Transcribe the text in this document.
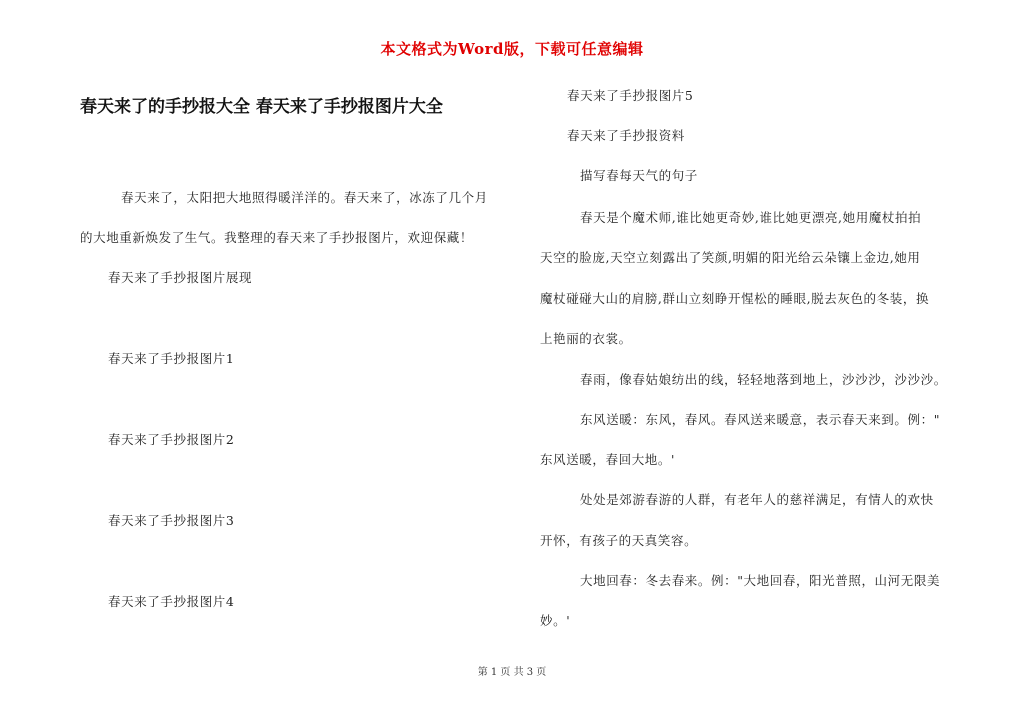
本文格式为Word版，下载可任意编辑
春天来了的手抄报大全 春天来了手抄报图片大全
春天来了，太阳把大地照得暖洋洋的。春天来了，冰冻了几个月
的大地重新焕发了生气。我整理的春天来了手抄报图片，欢迎保藏！
春天来了手抄报图片展现
春天来了手抄报图片1
春天来了手抄报图片2
春天来了手抄报图片3
春天来了手抄报图片4
春天来了手抄报图片5
春天来了手抄报资料
描写春每天气的句子
春天是个魔术师,谁比她更奇妙,谁比她更漂亮,她用魔杖拍拍
天空的脸庞,天空立刻露出了笑颜,明媚的阳光给云朵镶上金边,她用
魔杖碰碰大山的肩膀,群山立刻睁开惺松的睡眼,脱去灰色的冬装，换
上艳丽的衣裳。
春雨，像春姑娘纺出的线，轻轻地落到地上，沙沙沙，沙沙沙。
东风送暖：东风，春风。春风送来暖意，表示春天来到。例："
东风送暖，春回大地。'
处处是郊游春游的人群，有老年人的慈祥满足，有情人的欢快
开怀，有孩子的天真笑容。
大地回春：冬去春来。例："大地回春，阳光普照，山河无限美
妙。'
第 1 页 共 3 页
